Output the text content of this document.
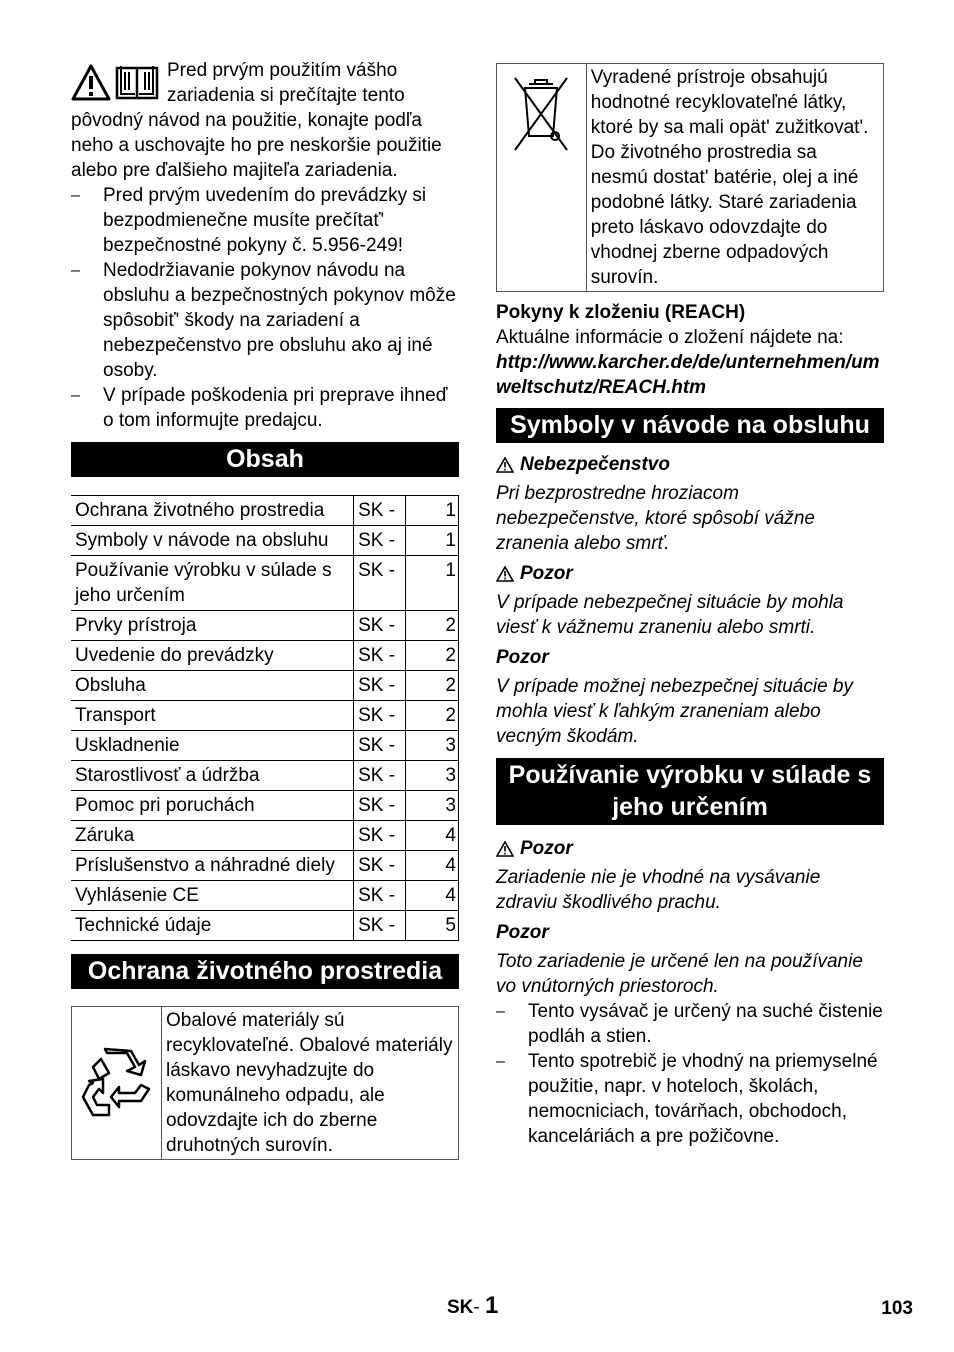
Pred prvým použitím vášho zariadenia si prečítajte tento pôvodný návod na použitie, konajte podľa neho a uschovajte ho pre neskoršie použitie alebo pre ďalšieho majiteľa zariadenia.

– Pred prvým uvedením do prevádzky si bezpodmienečne musíte prečítať' bezpečnostné pokyny č. 5.956-249!
– Nedodržiavanie pokynov návodu na obsluhu a bezpečnostných pokynov môže spôsobiť' škody na zariadení a nebezpečenstvo pre obsluhu ako aj iné osoby.
– V prípade poškodenia pri preprave ihneď o tom informujte predajcu.
Obsah
Ochrana životného prostredia	SK -	1
Symboly v návode na obsluhu	SK -	1
Používanie výrobku v súlade s jeho určením	SK -	1
Prvky prístroja	SK -	2
Uvedenie do prevádzky	SK -	2
Obsluha	SK -	2
Transport	SK -	2
Uskladnenie	SK -	3
Starostlivosť a údržba	SK -	3
Pomoc pri poruchách	SK -	3
Záruka	SK -	4
Príslušenstvo a náhradné diely	SK -	4
Vyhlásenie CE	SK -	4
Technické údaje	SK -	5
Ochrana životného prostredia
Obalové materiály sú recyklovateľné. Obalové materiály láskavo nevyhadzujte do komunálneho odpadu, ale odovzdajte ich do zberne druhotných surovín.
Vyradené prístroje obsahujú hodnotné recyklovateľné látky, ktoré by sa mali opät' zužitkovat'. Do životného prostredia sa nesmú dostat' batérie, olej a iné podobné látky. Staré zariadenia preto láskavo odovzdajte do vhodnej zberne odpadových surovín.
Pokyny k zloženiu (REACH)
Aktuálne informácie o zložení nájdete na:
http://www.karcher.de/de/unternehmen/umweltschutz/REACH.htm
Symboly v návode na obsluhu
Nebezpečenstvo
Pri bezprostredne hroziacom nebezpečenstve, ktoré spôsobí vážne zranenia alebo smrť.
Pozor
V prípade nebezpečnej situácie by mohla viesť k vážnemu zraneniu alebo smrti.
Pozor
V prípade možnej nebezpečnej situácie by mohla viesť k ľahkým zraneniam alebo vecným škodám.
Používanie výrobku v súlade s jeho určením
Pozor
Zariadenie nie je vhodné na vysávanie zdraviu škodlivého prachu.
Pozor
Toto zariadenie je určené len na používanie vo vnútorných priestoroch.
– Tento vysávač je určený na suché čistenie podláh a stien.
– Tento spotrebič je vhodný na priemyselné použitie, napr. v hoteloch, školách, nemocniciach, továrňach, obchodoch, kanceláriách a pre požičovne.
SK- 1	103
